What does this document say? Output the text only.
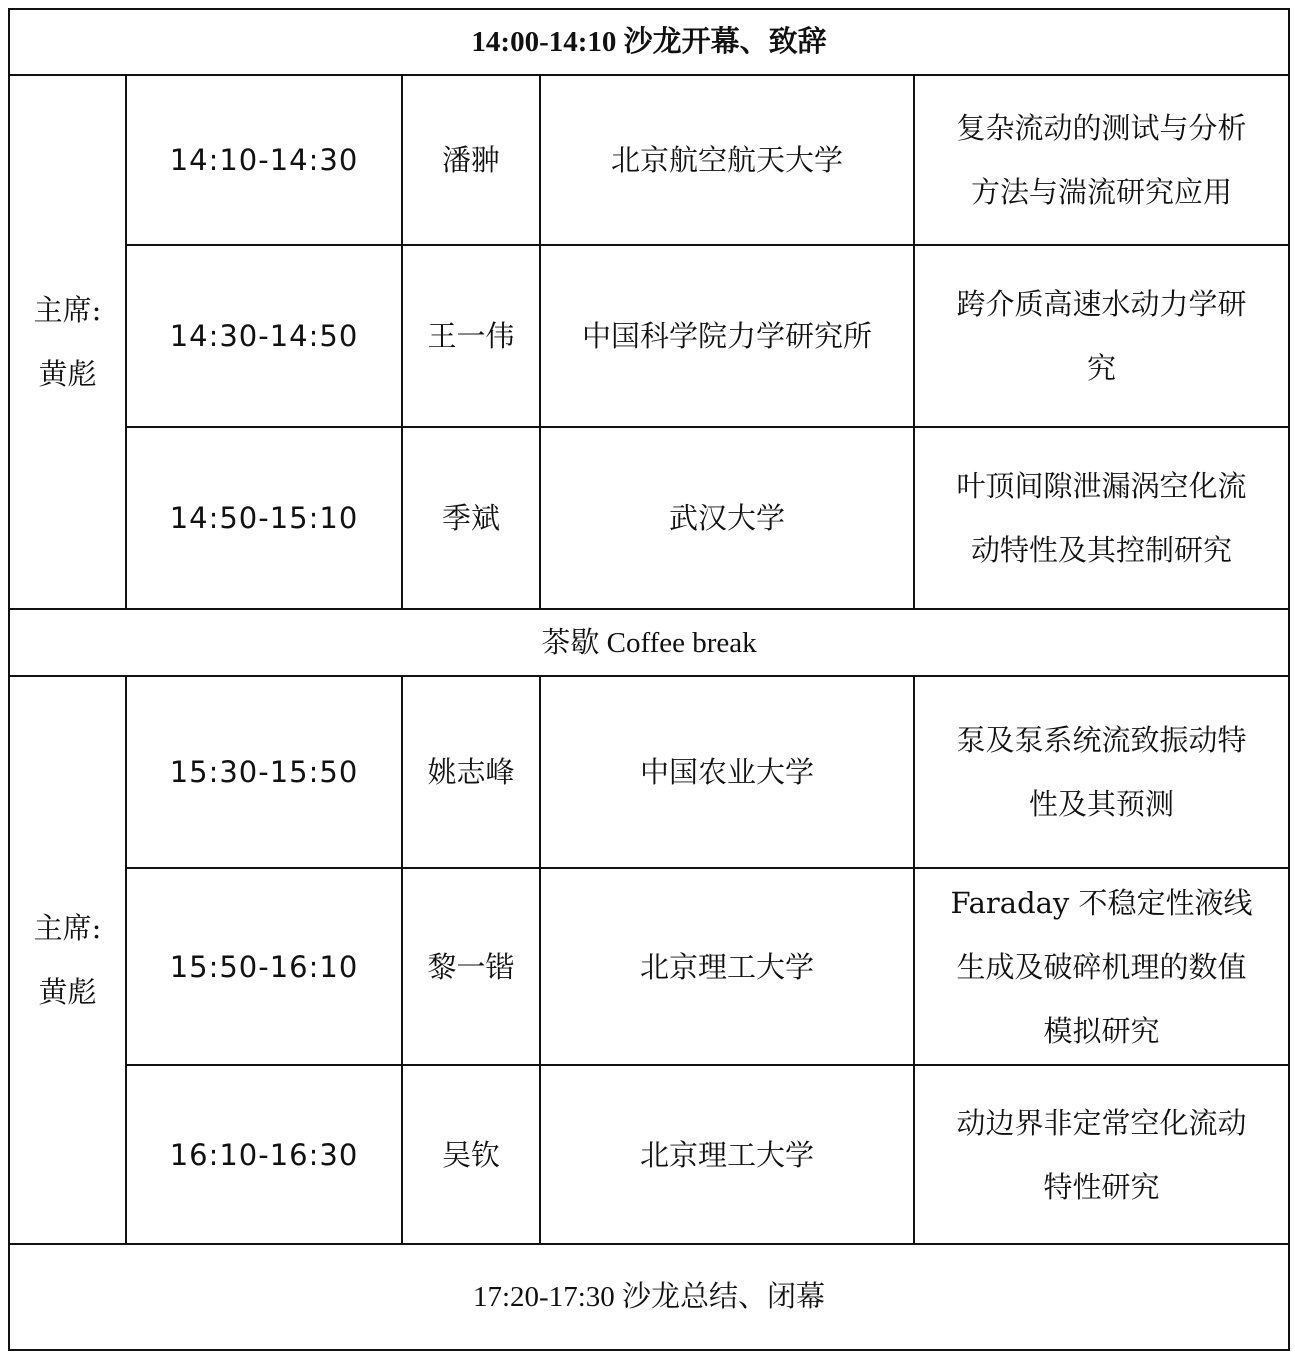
14:00-14:10 沙龙开幕、致辞				

主席:
黄彪	14:10-14:30	潘翀	北京航空航天大学	复杂流动的测试与分析
方法与湍流研究应用

	14:30-14:50	王一伟	中国科学院力学研究所	跨介质高速水动力学研
究

	14:50-15:10	季斌	武汉大学	叶顶间隙泄漏涡空化流
动特性及其控制研究

茶歇 Coffee break				

主席:
黄彪	15:30-15:50	姚志峰	中国农业大学	泵及泵系统流致振动特
性及其预测

	15:50-16:10	黎一锴	北京理工大学	Faraday 不稳定性液线
生成及破碎机理的数值
模拟研究

	16:10-16:30	吴钦	北京理工大学	动边界非定常空化流动
特性研究

17:20-17:30 沙龙总结、闭幕				
